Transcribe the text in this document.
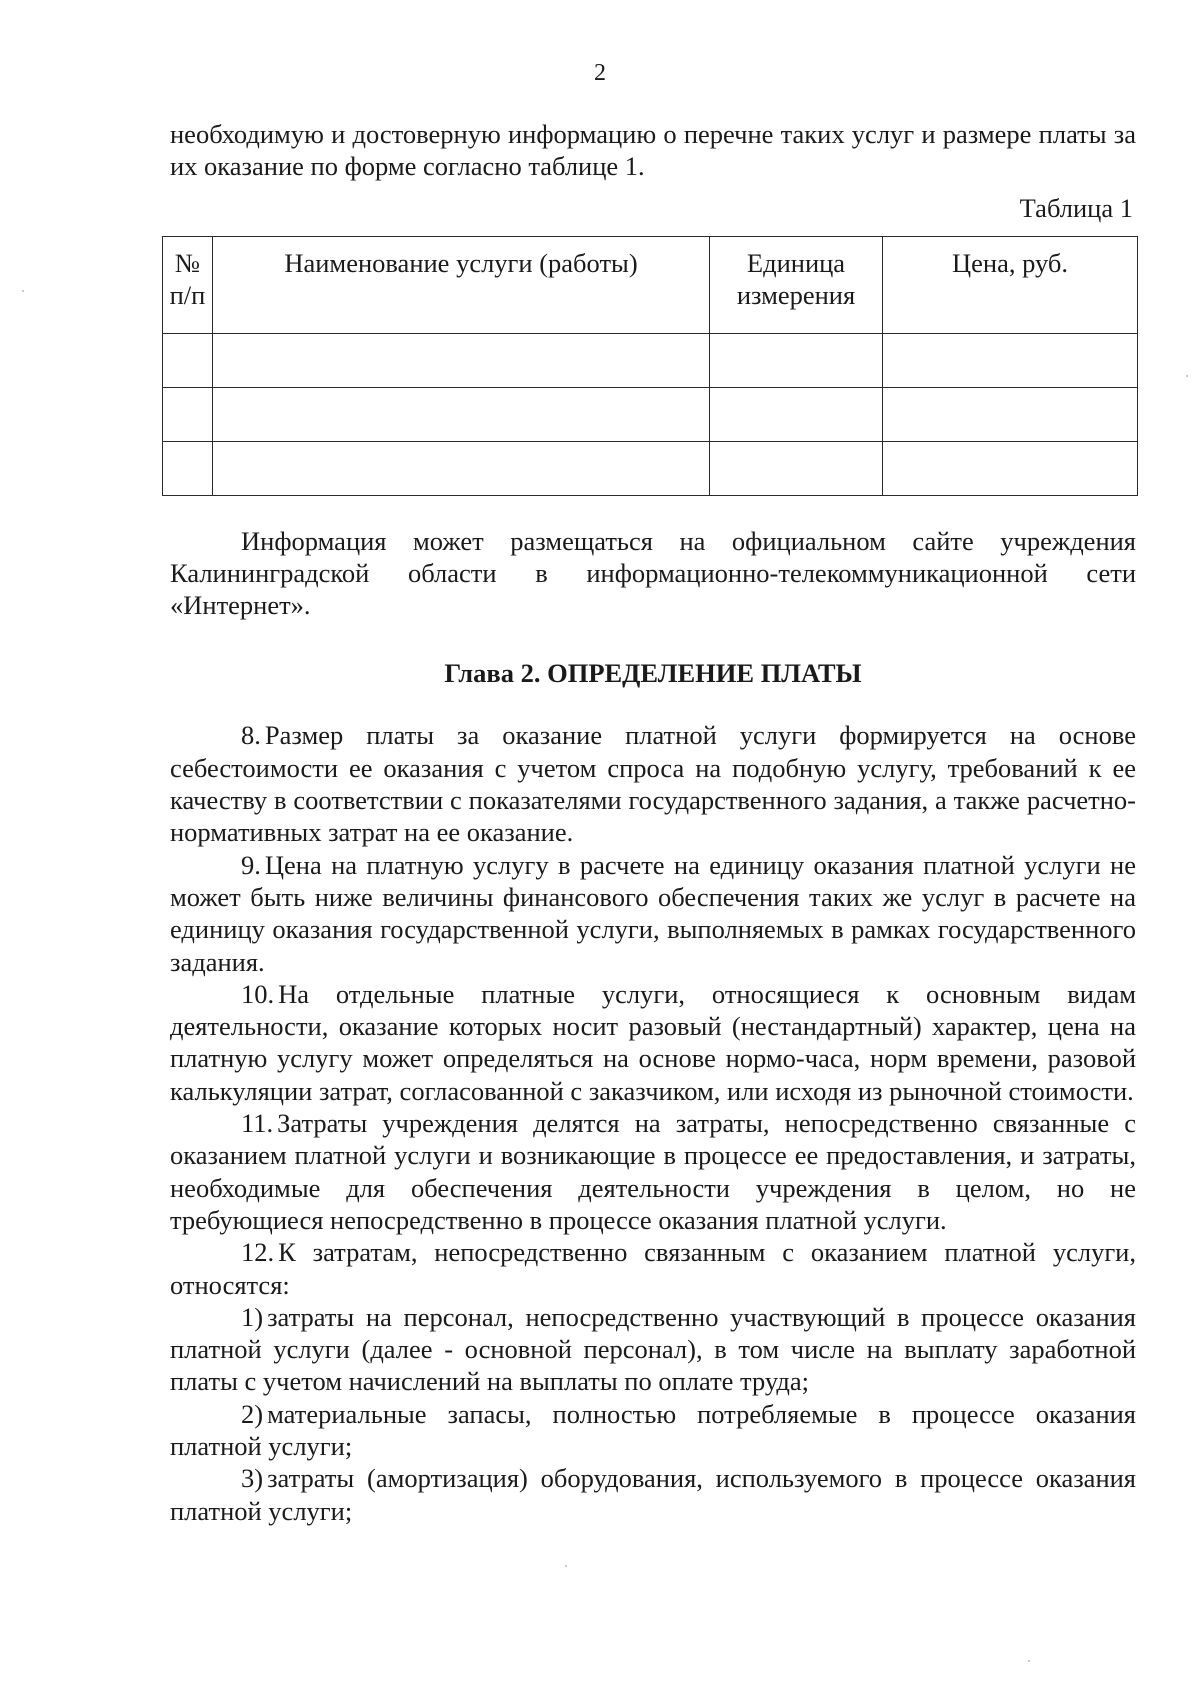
2

необходимую и достоверную информацию о перечне таких услуг и размере платы за их оказание по форме согласно таблице 1.

Таблица 1

№ п/п	Наименование услуги (работы)	Единица измерения	Цена, руб.

Информация может размещаться на официальном сайте учреждения Калининградской области в информационно-телекоммуникационной сети «Интернет».

Глава 2. ОПРЕДЕЛЕНИЕ ПЛАТЫ

8. Размер платы за оказание платной услуги формируется на основе себестоимости ее оказания с учетом спроса на подобную услугу, требований к ее качеству в соответствии с показателями государственного задания, а также расчетно-нормативных затрат на ее оказание.

9. Цена на платную услугу в расчете на единицу оказания платной услуги не может быть ниже величины финансового обеспечения таких же услуг в расчете на единицу оказания государственной услуги, выполняемых в рамках государственного задания.

10. На отдельные платные услуги, относящиеся к основным видам деятельности, оказание которых носит разовый (нестандартный) характер, цена на платную услугу может определяться на основе нормо-часа, норм времени, разовой калькуляции затрат, согласованной с заказчиком, или исходя из рыночной стоимости.

11. Затраты учреждения делятся на затраты, непосредственно связанные с оказанием платной услуги и возникающие в процессе ее предоставления, и затраты, необходимые для обеспечения деятельности учреждения в целом, но не требующиеся непосредственно в процессе оказания платной услуги.

12. К затратам, непосредственно связанным с оказанием платной услуги, относятся:

1) затраты на персонал, непосредственно участвующий в процессе оказания платной услуги (далее - основной персонал), в том числе на выплату заработной платы с учетом начислений на выплаты по оплате труда;

2) материальные запасы, полностью потребляемые в процессе оказания платной услуги;

3) затраты (амортизация) оборудования, используемого в процессе оказания платной услуги;
